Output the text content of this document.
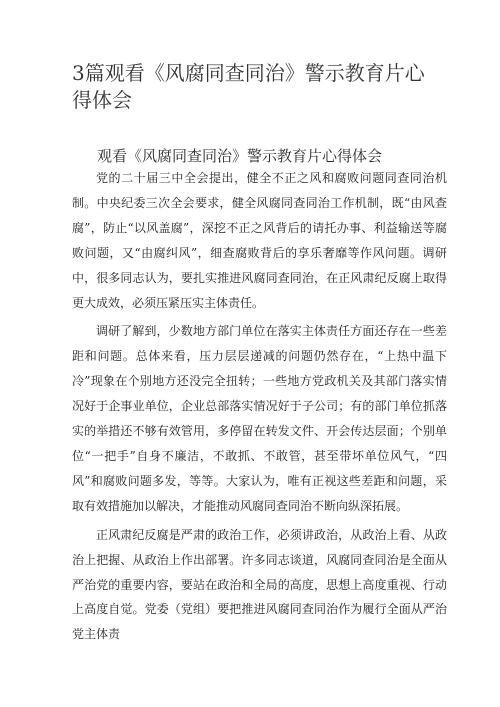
3篇观看《风腐同查同治》警示教育片心得体会
观看《风腐同查同治》警示教育片心得体会

党的二十届三中全会提出，健全不正之风和腐败问题同查同治机制。中央纪委三次全会要求，健全风腐同查同治工作机制，既“由风查腐”，防止“以风盖腐”，深挖不正之风背后的请托办事、利益输送等腐败问题，又“由腐纠风”，细查腐败背后的享乐奢靡等作风问题。调研中，很多同志认为，要扎实推进风腐同查同治，在正风肃纪反腐上取得更大成效，必须压紧压实主体责任。

调研了解到，少数地方部门单位在落实主体责任方面还存在一些差距和问题。总体来看，压力层层递减的问题仍然存在，“上热中温下冷”现象在个别地方还没完全扭转；一些地方党政机关及其部门落实情况好于企事业单位，企业总部落实情况好于子公司；有的部门单位抓落实的举措还不够有效管用，多停留在转发文件、开会传达层面；个别单位“一把手”自身不廉洁，不敢抓、不敢管，甚至带坏单位风气，“四风”和腐败问题多发，等等。大家认为，唯有正视这些差距和问题，采取有效措施加以解决，才能推动风腐同查同治不断向纵深拓展。

正风肃纪反腐是严肃的政治工作，必须讲政治，从政治上看、从政治上把握、从政治上作出部署。许多同志谈道，风腐同查同治是全面从严治党的重要内容，要站在政治和全局的高度，思想上高度重视、行动上高度自觉。党委（党组）要把推进风腐同查同治作为履行全面从严治党主体责
